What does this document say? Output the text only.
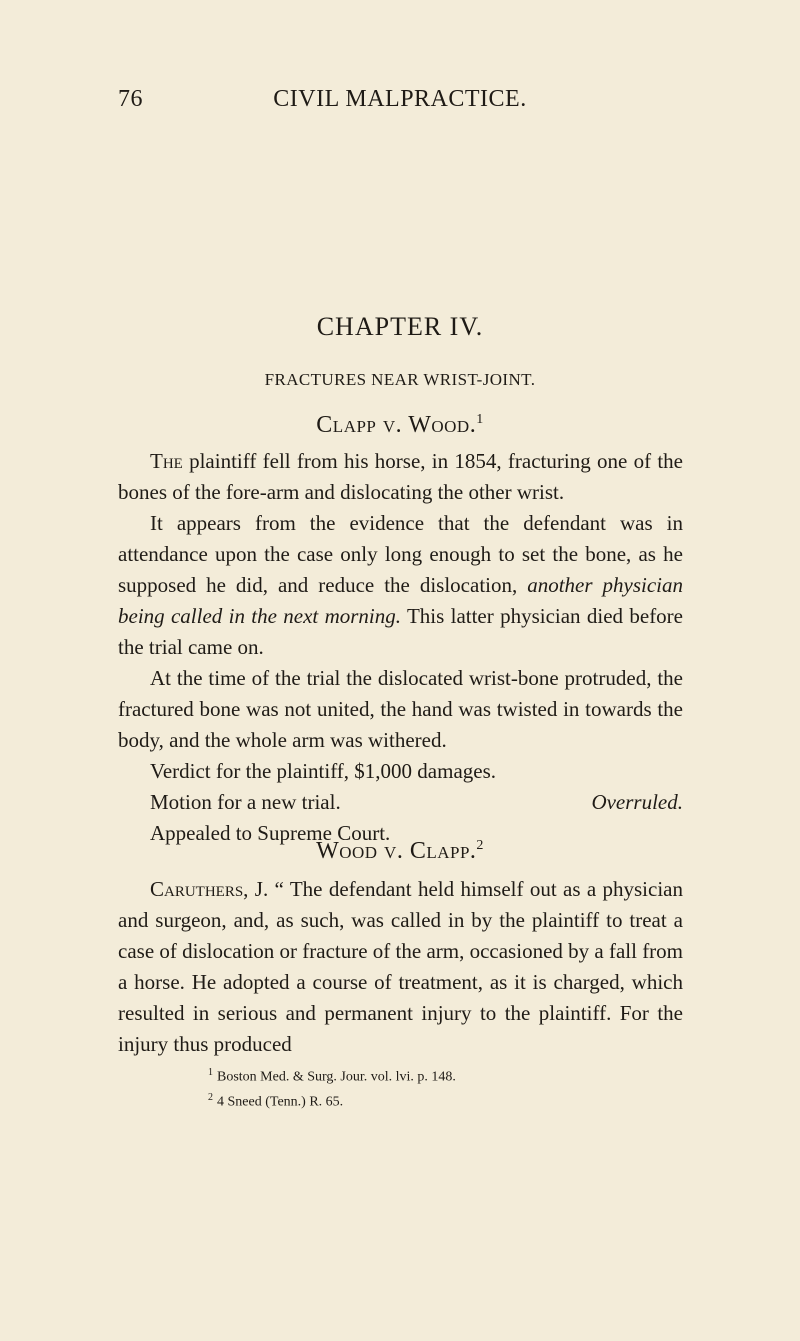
76	CIVIL MALPRACTICE.
CHAPTER IV.
FRACTURES NEAR WRIST-JOINT.
Clapp v. Wood.$^1$

The plaintiff fell from his horse, in 1854, fracturing one of the bones of the fore-arm and dislocating the other wrist.

It appears from the evidence that the defendant was in attendance upon the case only long enough to set the bone, as he supposed he did, and reduce the dislocation, another physician being called in the next morning. This latter physician died before the trial came on.

At the time of the trial the dislocated wrist-bone protruded, the fractured bone was not united, the hand was twisted in towards the body, and the whole arm was withered.

Verdict for the plaintiff, $1,000 damages.

Motion for a new trial.	Overruled.

Appealed to Supreme Court.

Wood v. Clapp.$^2$

Caruthers, J. “ The defendant held himself out as a physician and surgeon, and, as such, was called in by the plaintiff to treat a case of dislocation or fracture of the arm, occasioned by a fall from a horse. He adopted a course of treatment, as it is charged, which resulted in serious and permanent injury to the plaintiff. For the injury thus produced

$^1$ Boston Med. & Surg. Jour. vol. lvi. p. 148.
$^2$ 4 Sneed (Tenn.) R. 65.
